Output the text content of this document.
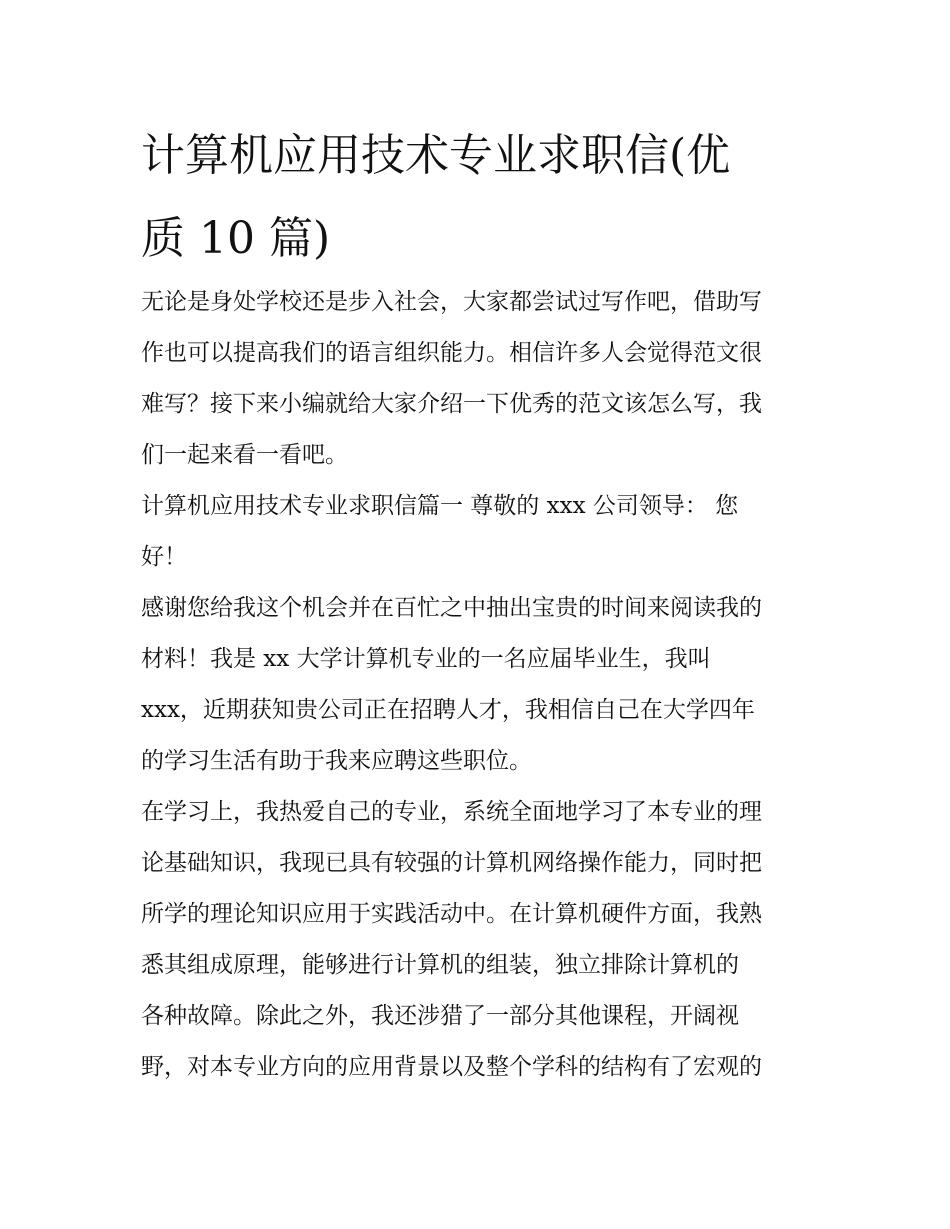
计算机应用技术专业求职信(优
质 10 篇)
无论是身处学校还是步入社会，大家都尝试过写作吧，借助写
作也可以提高我们的语言组织能力。相信许多人会觉得范文很
难写？接下来小编就给大家介绍一下优秀的范文该怎么写，我
们一起来看一看吧。
计算机应用技术专业求职信篇一 尊敬的 xxx 公司领导： 您
好！
感谢您给我这个机会并在百忙之中抽出宝贵的时间来阅读我的
材料！我是 xx 大学计算机专业的一名应届毕业生，我叫
xxx，近期获知贵公司正在招聘人才，我相信自己在大学四年
的学习生活有助于我来应聘这些职位。
在学习上，我热爱自己的专业，系统全面地学习了本专业的理
论基础知识，我现已具有较强的计算机网络操作能力，同时把
所学的理论知识应用于实践活动中。在计算机硬件方面，我熟
悉其组成原理，能够进行计算机的组装，独立排除计算机的
各种故障。除此之外，我还涉猎了一部分其他课程，开阔视
野，对本专业方向的应用背景以及整个学科的结构有了宏观的
